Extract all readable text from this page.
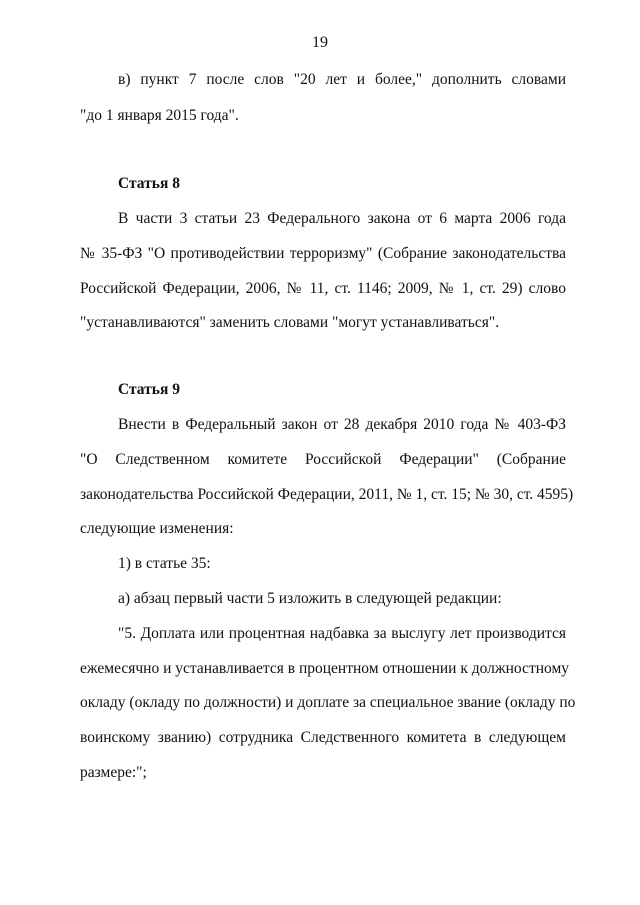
19
в) пункт 7 после слов "20 лет и более," дополнить словами
"до 1 января 2015 года".
Статья 8
В части 3 статьи 23 Федерального закона от 6 марта 2006 года
№ 35-ФЗ "О противодействии терроризму" (Собрание законодательства
Российской Федерации, 2006, № 11, ст. 1146; 2009, № 1, ст. 29) слово
"устанавливаются" заменить словами "могут устанавливаться".
Статья 9
Внести в Федеральный закон от 28 декабря 2010 года № 403-ФЗ
"О Следственном комитете Российской Федерации" (Собрание
законодательства Российской Федерации, 2011, № 1, ст. 15; № 30, ст. 4595)
следующие изменения:
1) в статье 35:
а) абзац первый части 5 изложить в следующей редакции:
"5. Доплата или процентная надбавка за выслугу лет производится
ежемесячно и устанавливается в процентном отношении к должностному
окладу (окладу по должности) и доплате за специальное звание (окладу по
воинскому званию) сотрудника Следственного комитета в следующем
размере:";
